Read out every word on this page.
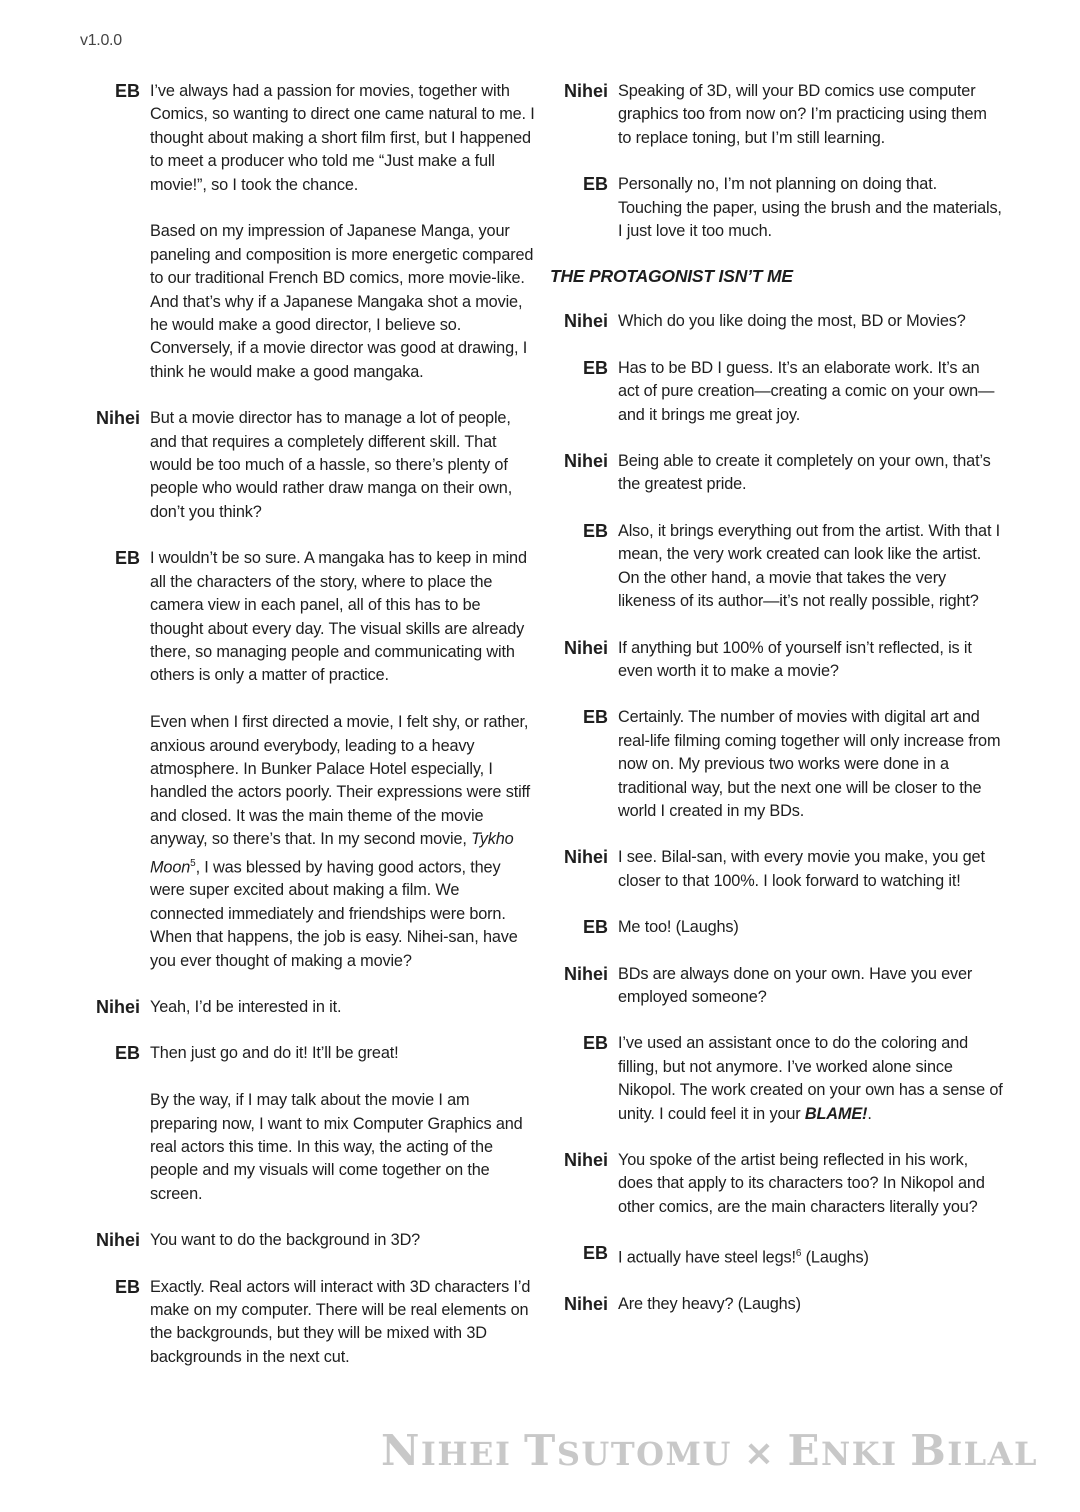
v1.0.0
EB I’ve always had a passion for movies, together with Comics, so wanting to direct one came natural to me. I thought about making a short film first, but I happened to meet a producer who told me “Just make a full movie!”, so I took the chance.

Based on my impression of Japanese Manga, your paneling and composition is more energetic compared to our traditional French BD comics, more movie-like. And that’s why if a Japanese Mangaka shot a movie, he would make a good director, I believe so. Conversely, if a movie director was good at drawing, I think he would make a good mangaka.

Nihei But a movie director has to manage a lot of people, and that requires a completely different skill. That would be too much of a hassle, so there’s plenty of people who would rather draw manga on their own, don’t you think?

EB I wouldn’t be so sure. A mangaka has to keep in mind all the characters of the story, where to place the camera view in each panel, all of this has to be thought about every day. The visual skills are already there, so managing people and communicating with others is only a matter of practice.

Even when I first directed a movie, I felt shy, or rather, anxious around everybody, leading to a heavy atmosphere. In Bunker Palace Hotel especially, I handled the actors poorly. Their expressions were stiff and closed. It was the main theme of the movie anyway, so there’s that. In my second movie, Tykho Moon$^5$, I was blessed by having good actors, they were super excited about making a film. We connected immediately and friendships were born. When that happens, the job is easy. Nihei-san, have you ever thought of making a movie?

Nihei Yeah, I’d be interested in it.

EB Then just go and do it! It’ll be great!

By the way, if I may talk about the movie I am preparing now, I want to mix Computer Graphics and real actors this time. In this way, the acting of the people and my visuals will come together on the screen.

Nihei You want to do the background in 3D?

EB Exactly. Real actors will interact with 3D characters I’d make on my computer. There will be real elements on the backgrounds, but they will be mixed with 3D backgrounds in the next cut.

Nihei Speaking of 3D, will your BD comics use computer graphics too from now on? I’m practicing using them to replace toning, but I’m still learning.

EB Personally no, I’m not planning on doing that. Touching the paper, using the brush and the materials, I just love it too much.

THE PROTAGONIST ISN’T ME
Nihei Which do you like doing the most, BD or Movies?

EB Has to be BD I guess. It’s an elaborate work. It’s an act of pure creation—creating a comic on your own—and it brings me great joy.

Nihei Being able to create it completely on your own, that’s the greatest pride.

EB Also, it brings everything out from the artist. With that I mean, the very work created can look like the artist. On the other hand, a movie that takes the very likeness of its author—it’s not really possible, right?

Nihei If anything but 100% of yourself isn’t reflected, is it even worth it to make a movie?

EB Certainly. The number of movies with digital art and real-life filming coming together will only increase from now on. My previous two works were done in a traditional way, but the next one will be closer to the world I created in my BDs.

Nihei I see. Bilal-san, with every movie you make, you get closer to that 100%. I look forward to watching it!

EB Me too! (Laughs)

Nihei BDs are always done on your own. Have you ever employed someone?

EB I’ve used an assistant once to do the coloring and filling, but not anymore. I’ve worked alone since Nikopol. The work created on your own has a sense of unity. I could feel it in your BLAME!.

Nihei You spoke of the artist being reflected in his work, does that apply to its characters too? In Nikopol and other comics, are the main characters literally you?

EB I actually have steel legs!$^6$ (Laughs)

Nihei Are they heavy? (Laughs)

NIHEI TSUTOMU × ENKI BILAL
